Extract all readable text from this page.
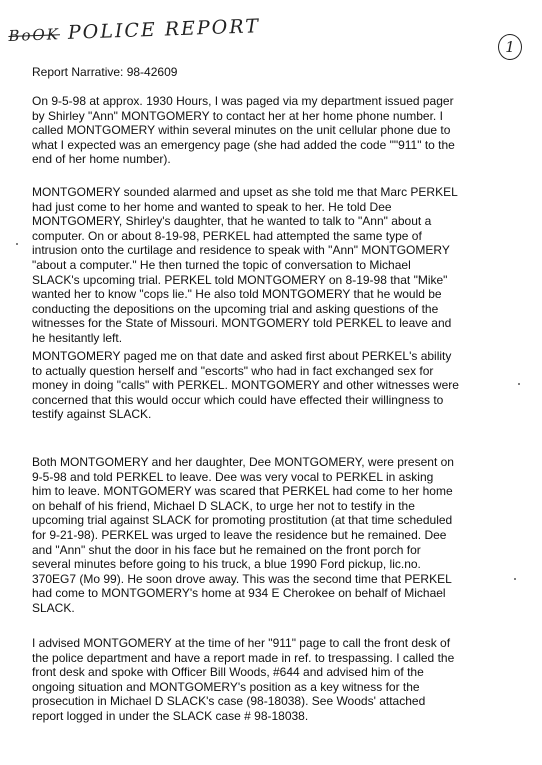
BoOK POLICE REPORT
1
Report Narrative: 98-42609
On 9-5-98 at approx. 1930 Hours, I was paged via my department issued pager
by Shirley "Ann" MONTGOMERY to contact her at her home phone number. I
called MONTGOMERY within several minutes on the unit cellular phone due to
what I expected was an emergency page (she had added the code ""911" to the
end of her home number).
MONTGOMERY sounded alarmed and upset as she told me that Marc PERKEL
had just come to her home and wanted to speak to her. He told Dee
MONTGOMERY, Shirley's daughter, that he wanted to talk to "Ann" about a
computer. On or about 8-19-98, PERKEL had attempted the same type of
intrusion onto the curtilage and residence to speak with "Ann" MONTGOMERY
"about a computer." He then turned the topic of conversation to Michael
SLACK's upcoming trial. PERKEL told MONTGOMERY on 8-19-98 that "Mike"
wanted her to know "cops lie." He also told MONTGOMERY that he would be
conducting the depositions on the upcoming trial and asking questions of the
witnesses for the State of Missouri. MONTGOMERY told PERKEL to leave and
he hesitantly left.
MONTGOMERY paged me on that date and asked first about PERKEL's ability
to actually question herself and "escorts" who had in fact exchanged sex for
money in doing "calls" with PERKEL. MONTGOMERY and other witnesses were
concerned that this would occur which could have effected their willingness to
testify against SLACK.
Both MONTGOMERY and her daughter, Dee MONTGOMERY, were present on
9-5-98 and told PERKEL to leave. Dee was very vocal to PERKEL in asking
him to leave. MONTGOMERY was scared that PERKEL had come to her home
on behalf of his friend, Michael D SLACK, to urge her not to testify in the
upcoming trial against SLACK for promoting prostitution (at that time scheduled
for 9-21-98). PERKEL was urged to leave the residence but he remained. Dee
and "Ann" shut the door in his face but he remained on the front porch for
several minutes before going to his truck, a blue 1990 Ford pickup, lic.no.
370EG7 (Mo 99). He soon drove away. This was the second time that PERKEL
had come to MONTGOMERY's home at 934 E Cherokee on behalf of Michael
SLACK.
I advised MONTGOMERY at the time of her "911" page to call the front desk of
the police department and have a report made in ref. to trespassing. I called the
front desk and spoke with Officer Bill Woods, #644 and advised him of the
ongoing situation and MONTGOMERY's position as a key witness for the
prosecution in Michael D SLACK's case (98-18038). See Woods' attached
report logged in under the SLACK case # 98-18038.
